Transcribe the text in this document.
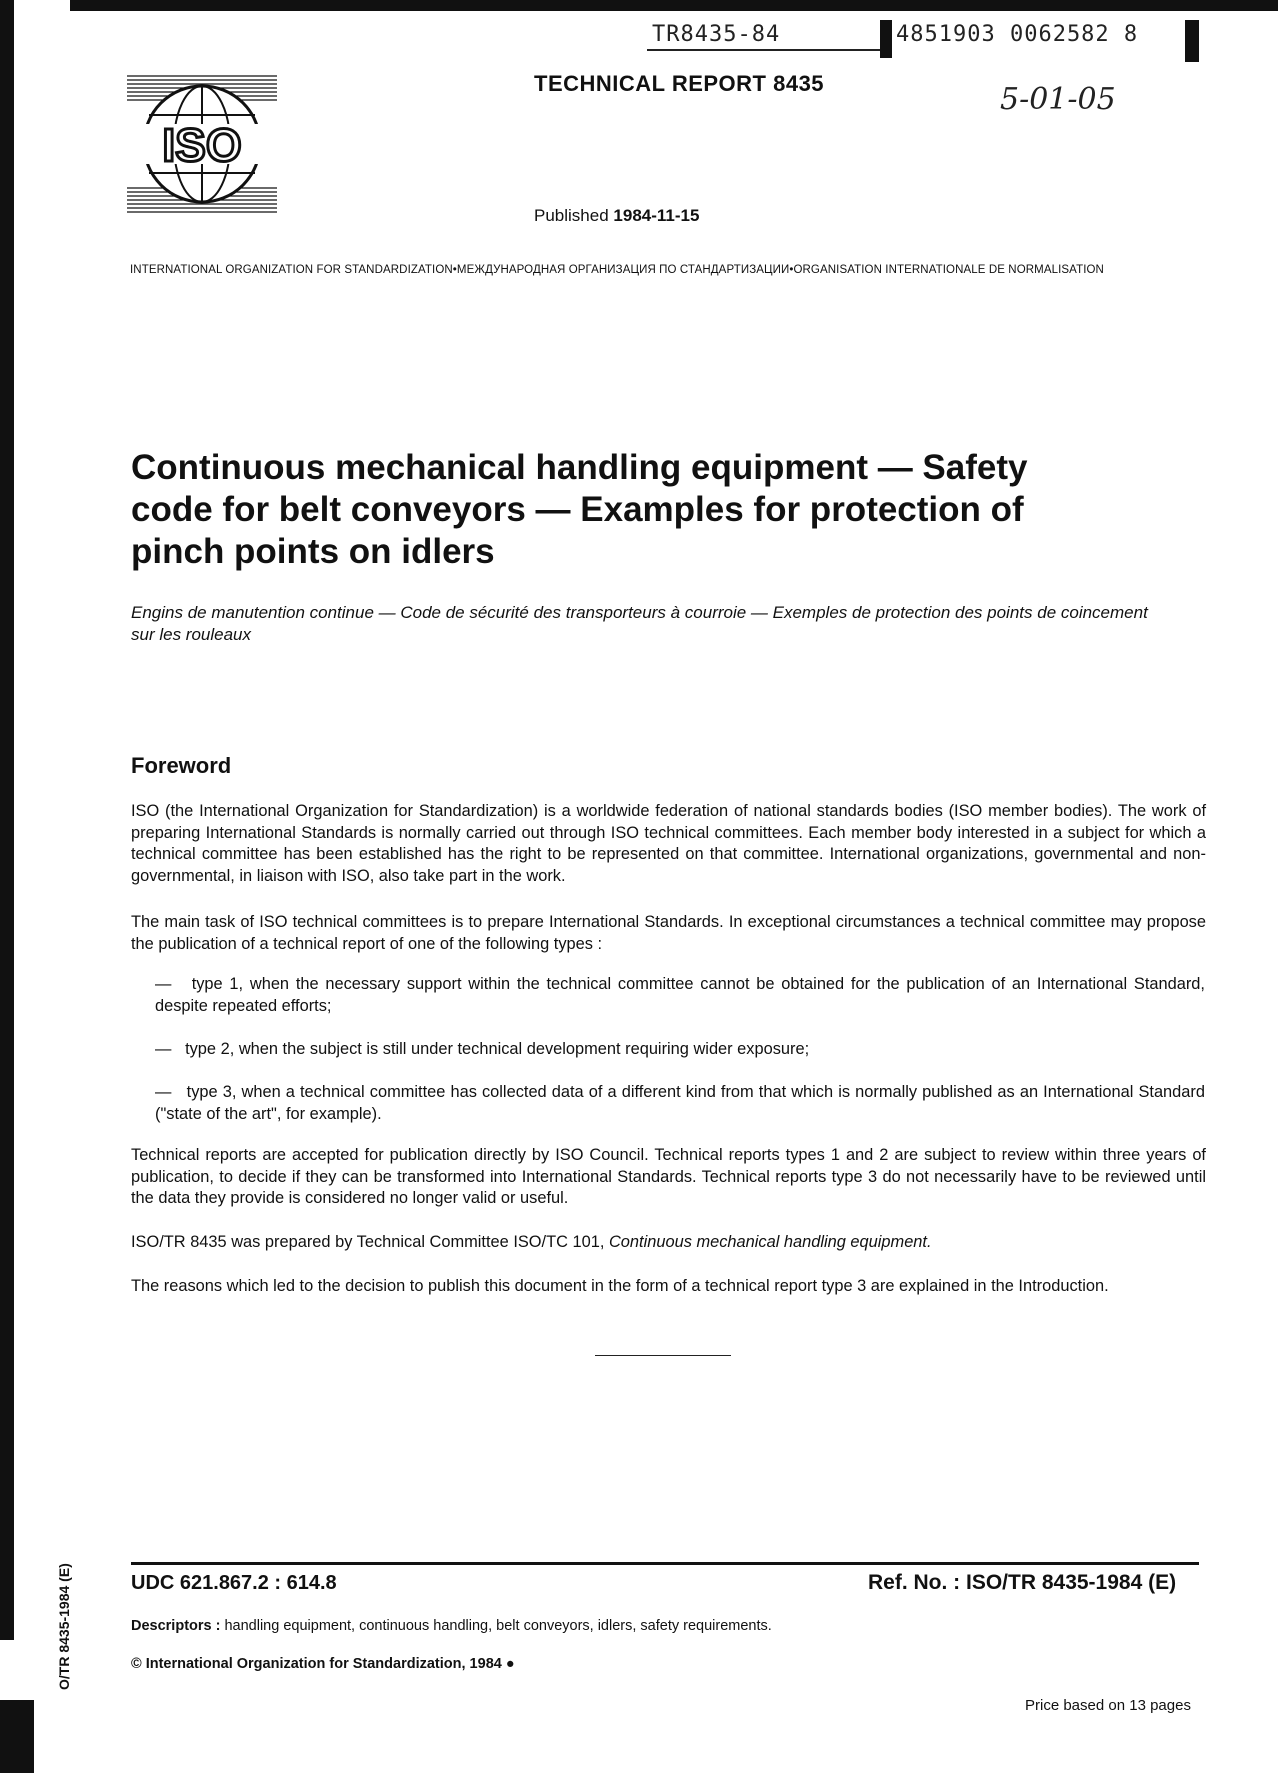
TR8435-84	4851903 0062582 8
5-01-05
ISO
TECHNICAL REPORT 8435
Published 1984-11-15
INTERNATIONAL ORGANIZATION FOR STANDARDIZATION•МЕЖДУНАРОДНАЯ ОРГАНИЗАЦИЯ ПО СТАНДАРТИЗАЦИИ•ORGANISATION INTERNATIONALE DE NORMALISATION
Continuous mechanical handling equipment — Safety
code for belt conveyors — Examples for protection of
pinch points on idlers
Engins de manutention continue — Code de sécurité des transporteurs à courroie — Exemples de protection des points de coincement sur les rouleaux
Foreword
ISO (the International Organization for Standardization) is a worldwide federation of national standards bodies (ISO member bodies). The work of preparing International Standards is normally carried out through ISO technical committees. Each member body interested in a subject for which a technical committee has been established has the right to be represented on that committee. International organizations, governmental and non-governmental, in liaison with ISO, also take part in the work.
The main task of ISO technical committees is to prepare International Standards. In exceptional circumstances a technical committee may propose the publication of a technical report of one of the following types :
— type 1, when the necessary support within the technical committee cannot be obtained for the publication of an International Standard, despite repeated efforts;
— type 2, when the subject is still under technical development requiring wider exposure;
— type 3, when a technical committee has collected data of a different kind from that which is normally published as an International Standard ("state of the art", for example).
Technical reports are accepted for publication directly by ISO Council. Technical reports types 1 and 2 are subject to review within three years of publication, to decide if they can be transformed into International Standards. Technical reports type 3 do not necessarily have to be reviewed until the data they provide is considered no longer valid or useful.
ISO/TR 8435 was prepared by Technical Committee ISO/TC 101, Continuous mechanical handling equipment.
The reasons which led to the decision to publish this document in the form of a technical report type 3 are explained in the Introduction.
UDC 621.867.2 : 614.8	Ref. No. : ISO/TR 8435-1984 (E)
Descriptors : handling equipment, continuous handling, belt conveyors, idlers, safety requirements.
© International Organization for Standardization, 1984 ●
Price based on 13 pages
O/TR 8435-1984 (E)
